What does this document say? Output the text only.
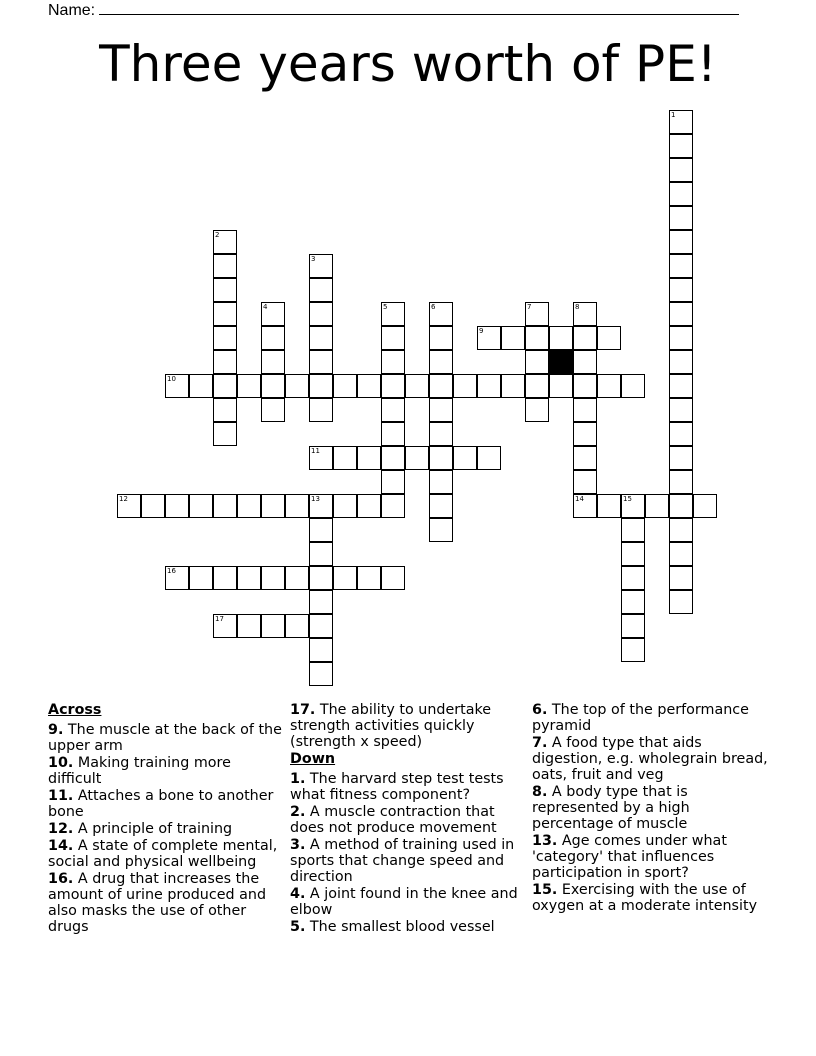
Name:
Three years worth of PE!
1
2
3
4	5	6	7	8
9
10
11
12	13	14	15
16
17
Across
9. The muscle at the back of the upper arm
10. Making training more difficult
11. Attaches a bone to another bone
12. A principle of training
14. A state of complete mental, social and physical wellbeing
16. A drug that increases the amount of urine produced and also masks the use of other drugs
17. The ability to undertake strength activities quickly (strength x speed)
Down
1. The harvard step test tests what fitness component?
2. A muscle contraction that does not produce movement
3. A method of training used in sports that change speed and direction
4. A joint found in the knee and elbow
5. The smallest blood vessel
6. The top of the performance pyramid
7. A food type that aids digestion, e.g. wholegrain bread, oats, fruit and veg
8. A body type that is represented by a high percentage of muscle
13. Age comes under what 'category' that influences participation in sport?
15. Exercising with the use of oxygen at a moderate intensity
